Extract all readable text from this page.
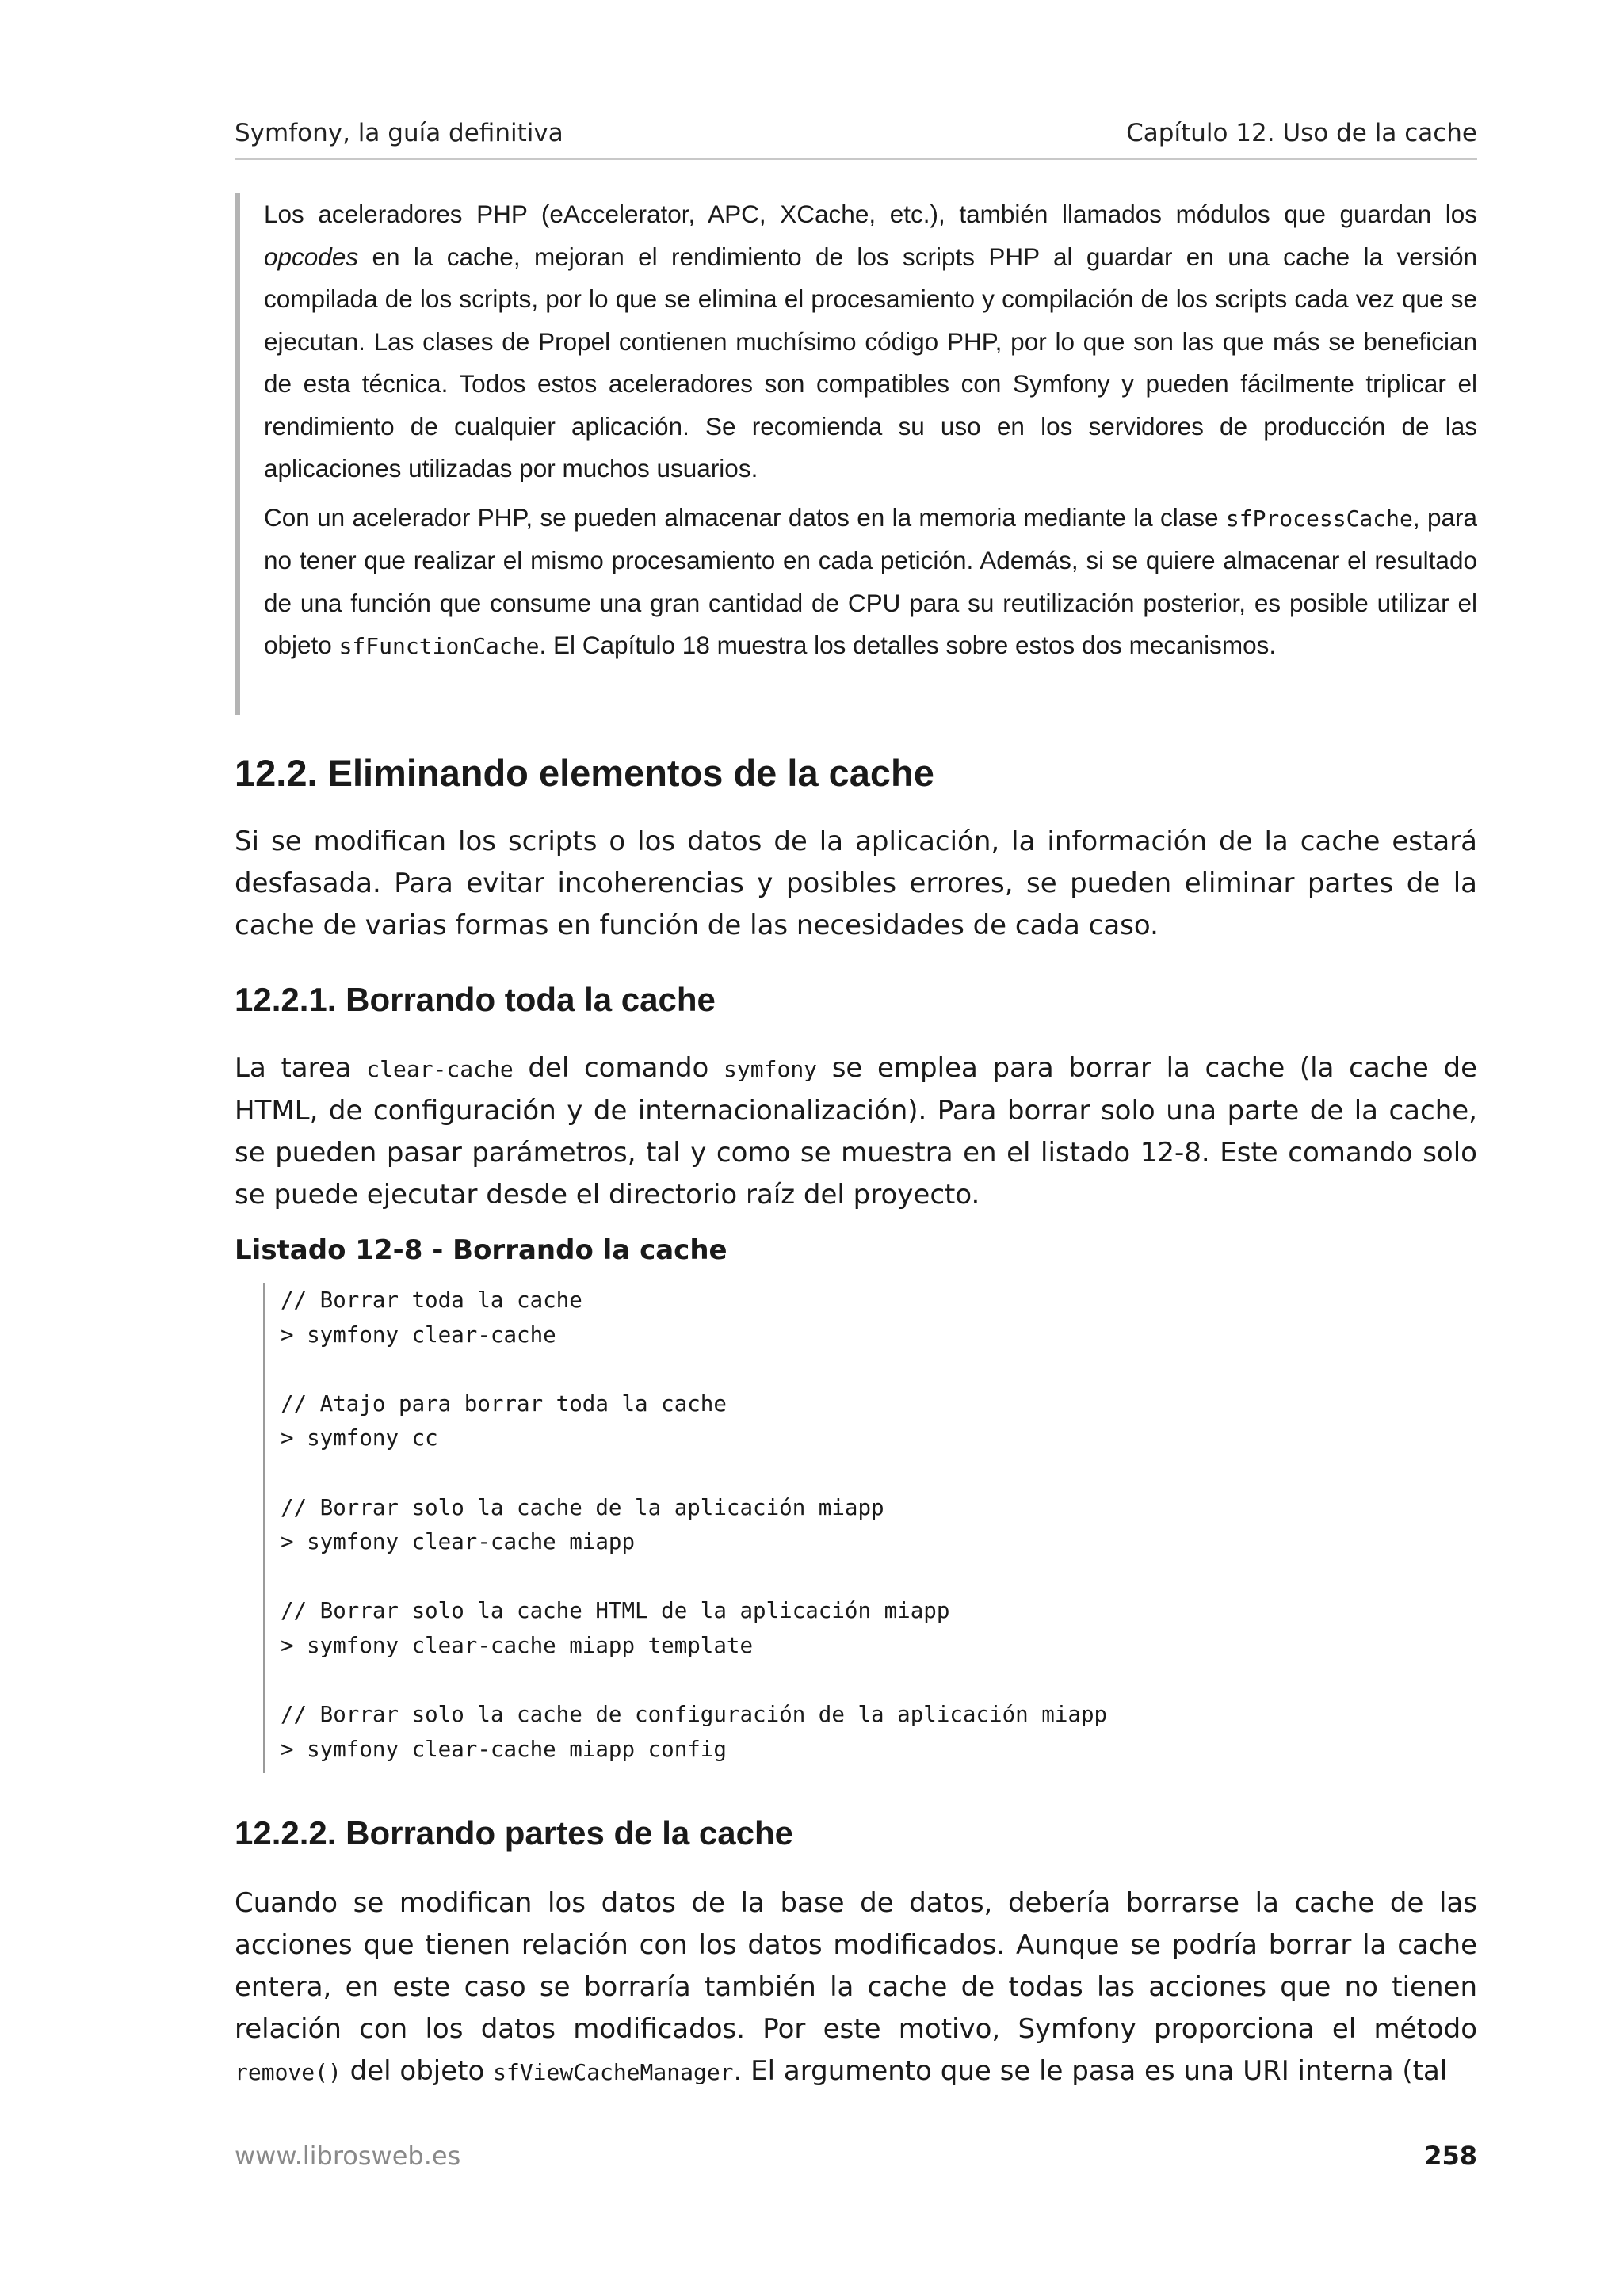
Symfony, la guía definitiva	Capítulo 12. Uso de la cache

Los aceleradores PHP (eAccelerator, APC, XCache, etc.), también llamados módulos que guardan los opcodes en la cache, mejoran el rendimiento de los scripts PHP al guardar en una cache la versión compilada de los scripts, por lo que se elimina el procesamiento y compilación de los scripts cada vez que se ejecutan. Las clases de Propel contienen muchísimo código PHP, por lo que son las que más se benefician de esta técnica. Todos estos aceleradores son compatibles con Symfony y pueden fácilmente triplicar el rendimiento de cualquier aplicación. Se recomienda su uso en los servidores de producción de las aplicaciones utilizadas por muchos usuarios.

Con un acelerador PHP, se pueden almacenar datos en la memoria mediante la clase sfProcessCache, para no tener que realizar el mismo procesamiento en cada petición. Además, si se quiere almacenar el resultado de una función que consume una gran cantidad de CPU para su reutilización posterior, es posible utilizar el objeto sfFunctionCache. El Capítulo 18 muestra los detalles sobre estos dos mecanismos.

12.2. Eliminando elementos de la cache

Si se modifican los scripts o los datos de la aplicación, la información de la cache estará desfasada. Para evitar incoherencias y posibles errores, se pueden eliminar partes de la cache de varias formas en función de las necesidades de cada caso.

12.2.1. Borrando toda la cache

La tarea clear-cache del comando symfony se emplea para borrar la cache (la cache de HTML, de configuración y de internacionalización). Para borrar solo una parte de la cache, se pueden pasar parámetros, tal y como se muestra en el listado 12-8. Este comando solo se puede ejecutar desde el directorio raíz del proyecto.

Listado 12-8 - Borrando la cache

// Borrar toda la cache
> symfony clear-cache
// Atajo para borrar toda la cache
> symfony cc
// Borrar solo la cache de la aplicación miapp
> symfony clear-cache miapp
// Borrar solo la cache HTML de la aplicación miapp
> symfony clear-cache miapp template
// Borrar solo la cache de configuración de la aplicación miapp
> symfony clear-cache miapp config
12.2.2. Borrando partes de la cache

Cuando se modifican los datos de la base de datos, debería borrarse la cache de las acciones que tienen relación con los datos modificados. Aunque se podría borrar la cache entera, en este caso se borraría también la cache de todas las acciones que no tienen relación con los datos modificados. Por este motivo, Symfony proporciona el método remove() del objeto sfViewCacheManager. El argumento que se le pasa es una URI interna (tal

www.librosweb.es	258
